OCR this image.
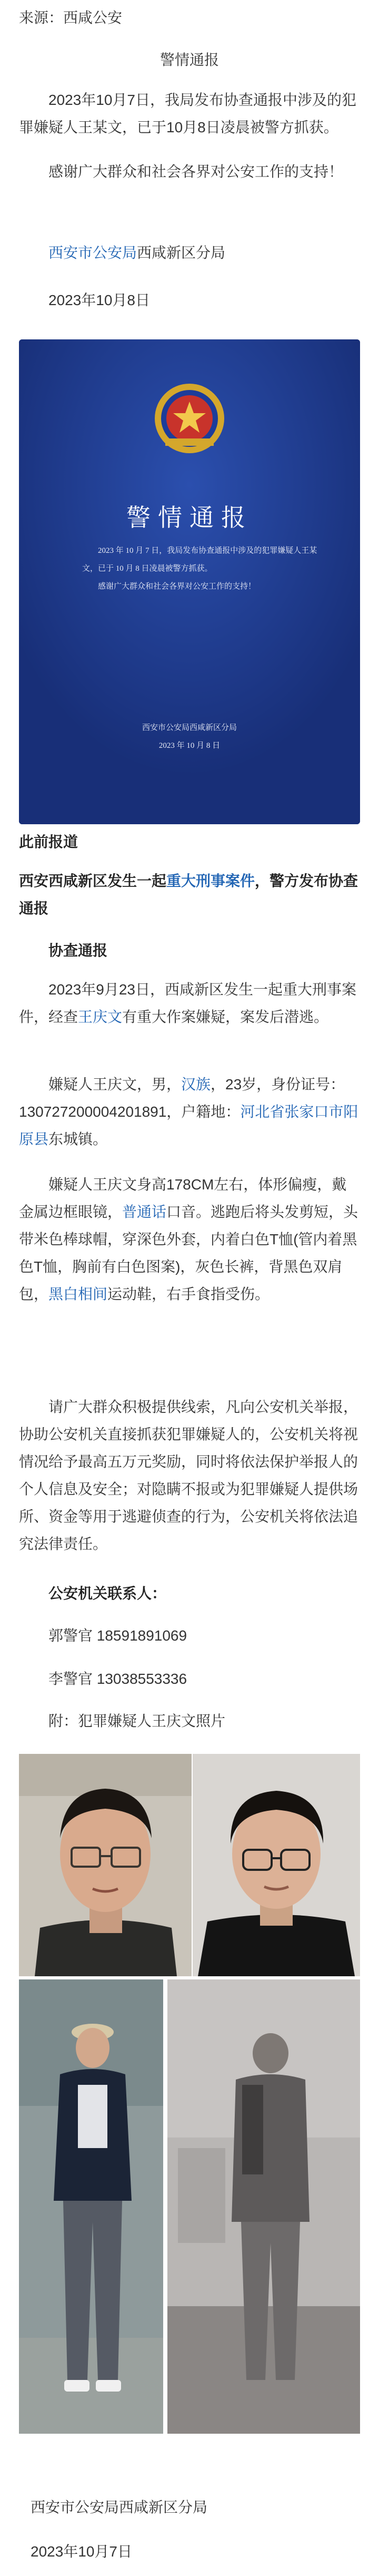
来源：西咸公安

警情通报

2023年10月7日，我局发布协查通报中涉及的犯罪嫌疑人王某文，已于10月8日凌晨被警方抓获。

感谢广大群众和社会各界对公安工作的支持！

西安市公安局西咸新区分局

2023年10月8日

警情通报
2023 年 10 月 7 日，我局发布协查通报中涉及的犯罪嫌疑人王某文，已于 10 月 8 日凌晨被警方抓获。
感谢广大群众和社会各界对公安工作的支持！
西安市公安局西咸新区分局
2023 年 10 月 8 日

此前报道

西安西咸新区发生一起重大刑事案件，警方发布协查通报

协查通报

2023年9月23日，西咸新区发生一起重大刑事案件，经查王庆文有重大作案嫌疑，案发后潜逃。

嫌疑人王庆文，男，汉族，23岁，身份证号：130727200004201891，户籍地：河北省张家口市阳原县东城镇。

嫌疑人王庆文身高178CM左右，体形偏瘦，戴金属边框眼镜，普通话口音。逃跑后将头发剪短，头带米色棒球帽，穿深色外套，内着白色T恤(管内着黑色T恤，胸前有白色图案)，灰色长裤，背黑色双肩包，黑白相间运动鞋，右手食指受伤。

请广大群众积极提供线索，凡向公安机关举报，协助公安机关直接抓获犯罪嫌疑人的，公安机关将视情况给予最高五万元奖励，同时将依法保护举报人的个人信息及安全；对隐瞒不报或为犯罪嫌疑人提供场所、资金等用于逃避侦查的行为，公安机关将依法追究法律责任。

公安机关联系人：

郭警官 18591891069

李警官 13038553336

附：犯罪嫌疑人王庆文照片

西安市公安局西咸新区分局

2023年10月7日
